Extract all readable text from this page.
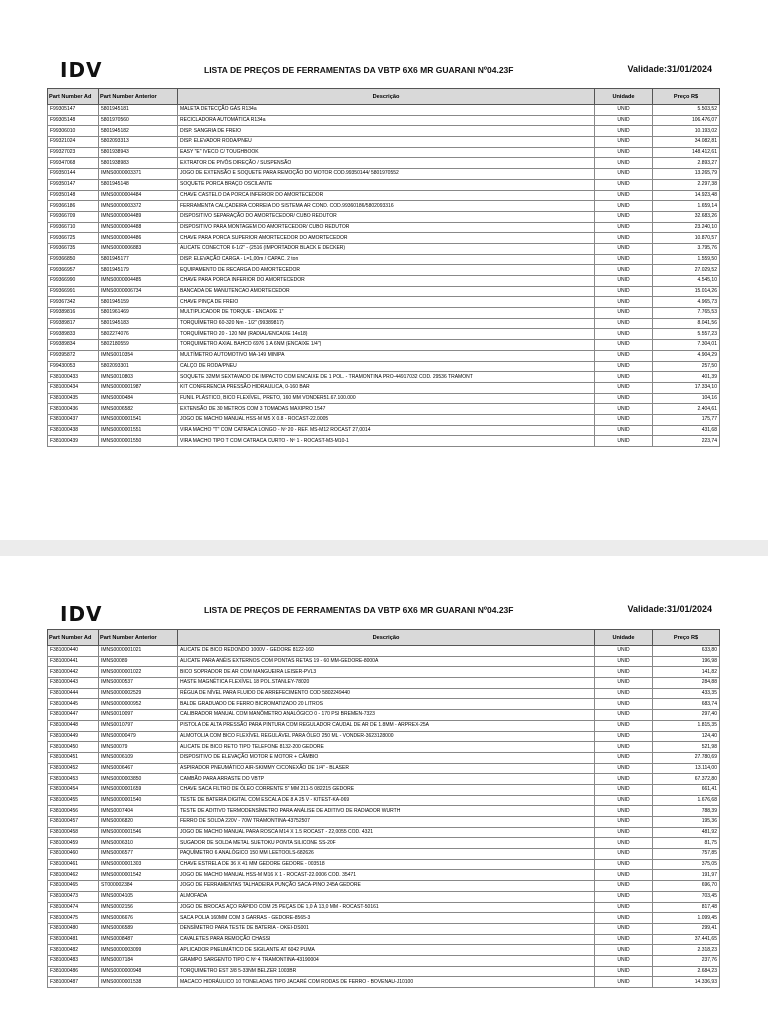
IDV	LISTA DE PREÇOS DE FERRAMENTAS DA VBTP 6X6 MR GUARANI Nº04.23F	Validade:31/01/2024
Part Number Ad	Part Number Anterior	Descrição	Unidade	Preço R$
F99305147	5801945181	MALETA DETECÇÃO GÁS R134a	UNID	5.503,52
F99305148	5801970560	RECICLADORA AUTOMÁTICA R134a	UNID	106.476,07
F99306010	5801945182	DISP. SANGRIA DE FREIO	UNID	10.193,02
F99321024	5802093313	DISP. ELEVADOR RODA/PNEU	UNID	34.082,81
F99327023	5801938943	EASY "E" IVECO C/ TOUGHBOOK	UNID	148.412,61
F99347068	5801938983	EXTRATOR DE PIVÔS DIREÇÃO / SUSPENSÃO	UNID	2.893,27
F99350144	IMNS0000003371	JOGO DE EXTENSÃO E SOQUETE PARA REMOÇÃO DO MOTOR COD.99350144/ 5801970552	UNID	13.265,79
F99350147	5801945148	SOQUETE PORCA BRAÇO OSCILANTE	UNID	2.297,38
F99350148	IMNS0000004484	CHAVE CASTELO DA PORCA INFERIOR DO AMORTECEDOR	UNID	14.923,48
F99366186	IMNS0000003372	FERRAMENTA CALÇADEIRA CORREIA DO SISTEMA AR COND. COD.99360186/5802093316	UNID	1.659,14
F99366709	IMNS0000004489	DISPOSITIVO SEPARAÇÃO DO AMORTECEDOR/ CUBO REDUTOR	UNID	32.683,26
F99366710	IMNS0000004488	DISPOSITIVO PARA MONTAGEM DO AMORTECEDOR/ CUBO REDUTOR	UNID	23.240,10
F99366725	IMNS0000004486	CHAVE PARA PORCA SUPERIOR AMORTECEDOR DO AMORTECEDOR	UNID	10.870,57
F99366735	IMNS0000006883	ALICATE CONECTOR 6-1/2" - (2516 (IMPORTADOR BLACK E DECKER)	UNID	3.795,76
F99366850	5801945177	DISP. ELEVAÇÃO CARGA - L=1,00m / CAPAC. 2 ton	UNID	1.559,50
F99366957	5801945179	EQUIPAMENTO DE RECARGA DO AMORTECEDOR	UNID	27.029,52
F99366990	IMNS0000004485	CHAVE PARA PORCA INFERIOR DO AMORTECEDOR	UNID	4.545,10
F99366991	IMNS0000006734	BANCADA DE MANUTENCAO AMORTECEDOR	UNID	15.014,26
F99367342	5801945159	CHAVE PINÇA DE FREIO	UNID	4.965,73
F99389816	5801961469	MULTIPLICADOR DE TORQUE - ENCAIXE 1"	UNID	7.765,53
F99389817	5801945183	TORQUÍMETRO 60-320 Nm - 1/2" (99389817)	UNID	8.041,56
F99389833	5802274076	TORQUÍMETRO 20 - 120 NM (RADIAL/ENCAIXE 14x18)	UNID	5.557,23
F99389834	5802180559	TORQUIMETRO AXIAL BAHCO 6976 1 A 6NM (ENCAIXE 1/4")	UNID	7.304,01
F99395872	IMNS0010354	MULTÍMETRO AUTOMOTIVO MA-149 MINIPA	UNID	4.904,29
F99430053	5802093301	CALÇO DE RODA/PNEU	UNID	257,50
F381000433	IMNS0010803	SOQUETE 32MM SEXTAVADO DE IMPACTO COM ENCAIXE DE 1 POL. - TRAMONTINA PRO-44917032 COD. 29536 TRAMONT	UNID	401,39
F381000434	IMNS0000001987	KIT CONFERENCIA PRESSÃO HIDRAULICA, 0-160 BAR	UNID	17.334,10
F381000435	IMNS0000484	FUNIL PLÁSTICO, BICO FLEXÍVEL, PRETO, 160 MM VONDER51.67.100.000	UNID	104,16
F381000436	IMNS0006582	EXTENSÃO DE 30 METROS COM 3 TOMADAS MAXIPRO 1547	UNID	2.404,61
F381000437	IMNS0000001541	JOGO DE MACHO MANUAL HSS-M M5 X 0.8 - ROCAST-22.0005	UNID	175,77
F381000438	IMNS0000001551	VIRA MACHO "T" COM CATRACA LONGO - Nº 20 - REF. MS-M12 ROCAST 27,0014	UNID	431,68
F381000439	IMNS0000001550	VIRA MACHO TIPO T COM CATRACA CURTO - Nº 1 - ROCAST-M3-M10-1	UNID	223,74
IDV	LISTA DE PREÇOS DE FERRAMENTAS DA VBTP 6X6 MR GUARANI Nº04.23F	Validade:31/01/2024
Part Number Ad	Part Number Anterior	Descrição	Unidade	Preço R$
F381000440	IMNS0000001021	ALICATE DE BICO REDONDO 1000V - GEDORE 8122-160	UNID	633,80
F381000441	IMNS00089	ALICATE PARA ANÉIS EXTERNOS COM PONTAS RETAS 19 - 60 MM-GEDORE-8000A	UNID	196,98
F381000442	IMNS0000001022	BICO SOPRADOR DE AR COM MANGUEIRA LEISER-PVL3	UNID	141,82
F381000443	IMNS0000537	HASTE MAGNÉTICA FLEXÍVEL 18 POL.STANLEY-78020	UNID	284,88
F381000444	IMNS0000002529	RÉGUA DE NÍVEL PARA FLUIDO DE ARREFECIMENTO COD 5802249440	UNID	433,35
F381000445	IMNS0000000952	BALDE GRADUADO DE FERRO BICROMATIZADO 20 LITROS	UNID	683,74
F381000447	IMNS0010097	CALIBRADOR MANUAL COM MANÔMETRO ANALÓGICO 0 - 170 PSI BREMEN-7323	UNID	297,40
F381000448	IMNS0010797	PISTOLA DE ALTA PRESSÃO PARA PINTURA COM REGULADOR CAUDAL DE AR DE 1.8MM - ARPREX-25A	UNID	1.815,35
F381000449	IMNS00000479	ALMOTOLIA COM BICO FLEXÍVEL REGULÁVEL PARA ÓLEO 250 ML - VONDER-3623128000	UNID	124,40
F381000450	IMNS00079	ALICATE DE BICO RETO TIPO TELEFONE 8132-200 GEDORE	UNID	521,98
F381000451	IMNS0006109	DISPOSITIVO DE ELEVAÇÃO MOTOR E MOTOR + CÂMBIO	UNID	27.780,69
F381000452	IMNS0006467	ASPIRADOR PNEUMÁTICO AIR-SKIMMY C/CONEXÃO DE 1/4" - BLASER	UNID	13.114,00
F381000453	IMNS0000003850	CAMBÃO PARA ARRASTE DO VBTP	UNID	67.372,80
F381000454	IMNS0000001659	CHAVE SACA FILTRO DE ÓLEO CORRENTE 5" MM 211-5 082215 GEDORE	UNID	661,41
F381000455	IMNS0000001540	TESTE DE BATERIA DIGITAL COM ESCALA DE 8 A 25 V - KITEST-KA-069	UNID	1.676,68
F381000456	IMNS0007404	TESTE DE ADITIVO TERMODENSÍMETRO PARA ANÁLISE DE ADITIVO DE RADIADOR WURTH	UNID	788,39
F381000457	IMNS0006820	FERRO DE SOLDA 220V - 70W TRAMONTINA-43752507	UNID	195,36
F381000458	IMNS0000001546	JOGO DE MACHO MANUAL PARA ROSCA M14 X 1.5 ROCAST - 22,0055 COD. 4321	UNID	481,92
F381000459	IMNS0006310	SUGADOR DE SOLDA METAL SUETOKU PONTA SILICONE SS-20F	UNID	81,75
F381000460	IMNS0006577	PAQUÍMETRO 6 ANALÓGICO 150 MM LEETOOLS-682626	UNID	757,85
F381000461	IMNS0000001303	CHAVE ESTRELA DE 36 X 41 MM GEDORE GEDORE - 003518	UNID	375,05
F381000462	IMNS0000001542	JOGO DE MACHO MANUAL HSS-M M16 X 1 - ROCAST-22.0006 COD. 35471	UNID	191,97
F381000465	ST000002384	JOGO DE FERRAMENTAS TALHADEIRA PUNÇÃO SACA-PINO 245A GEDORE	UNID	696,70
F381000473	IMNS0004105	ALMOFADA	UNID	703,45
F381000474	IMNS0002156	JOGO DE BROCAS AÇO RÁPIDO COM 25 PEÇAS DE 1,0 À 13,0 MM - ROCAST-50161	UNID	817,48
F381000475	IMNS0006676	SACA POLIA 160MM COM 3 GARRAS - GEDORE-8565-3	UNID	1.099,45
F381000480	IMNS0006589	DENSÍMETRO PARA TESTE DE BATERIA - OKEI-DS001	UNID	299,41
F381000481	IMNS0008487	CAVALETES PARA REMOÇÃO CHASSI	UNID	37.441,65
F381000482	IMNS0000003099	APLICADOR PNEUMÁTICO DE SIGILANTE AT 6042 PUMA	UNID	2.318,23
F381000483	IMNS0007184	GRAMPO SARGENTO TIPO C Nº 4 TRAMONTINA-43190004	UNID	237,76
F381000486	IMNS0000000948	TORQUIMETRO EST 3/8 5-33NM BELZER 1003BR	UNID	2.684,23
F381000487	IMNS0000001538	MACACO HIDRÁULICO 10 TONELADAS TIPO JACARÉ COM RODAS DE FERRO - BOVENAU-J10100	UNID	14.336,93
